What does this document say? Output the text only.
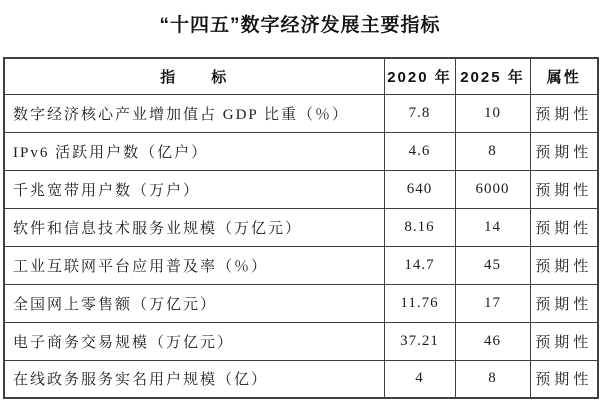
“十四五”数字经济发展主要指标
指　　标	2020 年	2025 年	属性
数字经济核心产业增加值占 GDP 比重（％）	7.8	10	预期性
IPv6 活跃用户数（亿户）	4.6	8	预期性
千兆宽带用户数（万户）	640	6000	预期性
软件和信息技术服务业规模（万亿元）	8.16	14	预期性
工业互联网平台应用普及率（％）	14.7	45	预期性
全国网上零售额（万亿元）	11.76	17	预期性
电子商务交易规模（万亿元）	37.21	46	预期性
在线政务服务实名用户规模（亿）	4	8	预期性
